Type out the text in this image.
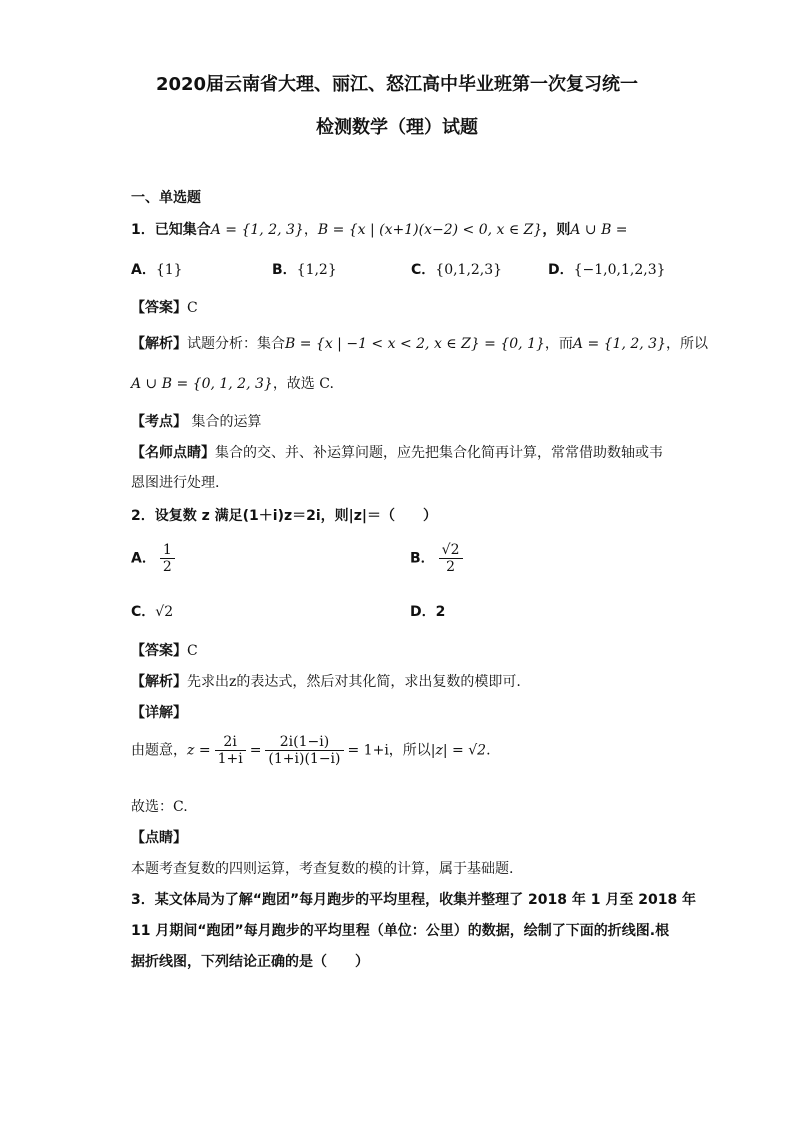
2020届云南省大理、丽江、怒江高中毕业班第一次复习统一
检测数学（理）试题
一、单选题
1．已知集合A = {1, 2, 3}，B = {x | (x+1)(x−2) < 0, x ∈ Z}，则A ∪ B =
A．{1}	B．{1,2}	C．{0,1,2,3}	D．{−1,0,1,2,3}
【答案】C
【解析】试题分析：集合B = {x | −1 < x < 2, x ∈ Z} = {0, 1}，而A = {1, 2, 3}，所以
A ∪ B = {0, 1, 2, 3}，故选 C.
【考点】 集合的运算
【名师点睛】集合的交、并、补运算问题，应先把集合化简再计算，常常借助数轴或韦
恩图进行处理.
2．设复数 z 满足(1＋i)z＝2i，则|z|＝（　　）
A． $\frac{1}{2}$	B． $\frac{√2}{2}$
C．√2	D．2
【答案】C
【解析】先求出z的表达式，然后对其化简，求出复数的模即可.
【详解】
由题意，$z = \frac{2i}{1+i} = \frac{2i(1-i)}{(1+i)(1-i)} = 1+i$，所以|z| = √2.
故选：C.
【点睛】
本题考查复数的四则运算，考查复数的模的计算，属于基础题.
3．某文体局为了解“跑团”每月跑步的平均里程，收集并整理了 2018 年 1 月至 2018 年
11 月期间“跑团”每月跑步的平均里程（单位：公里）的数据，绘制了下面的折线图.根
据折线图，下列结论正确的是（　　）
